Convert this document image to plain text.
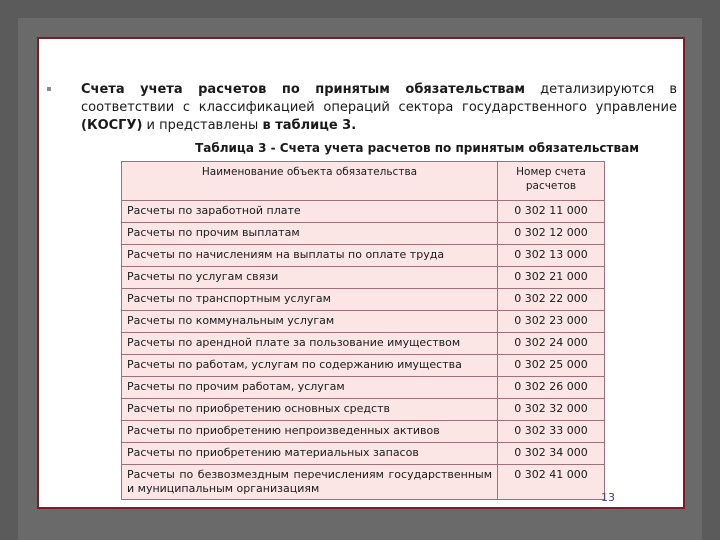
Счета учета расчетов по принятым обязательствам детализируются в соответствии с классификацией операций сектора государственного управление (КОСГУ) и представлены в таблице 3.
Таблица 3 - Счета учета расчетов по принятым обязательствам
Наименование объекта обязательства	Номер счета расчетов
Расчеты по заработной плате	0 302 11 000
Расчеты по прочим выплатам	0 302 12 000
Расчеты по начислениям на выплаты по оплате труда	0 302 13 000
Расчеты по услугам связи	0 302 21 000
Расчеты по транспортным услугам	0 302 22 000
Расчеты по коммунальным услугам	0 302 23 000
Расчеты по арендной плате за пользование имуществом	0 302 24 000
Расчеты по работам, услугам по содержанию имущества	0 302 25 000
Расчеты по прочим работам, услугам	0 302 26 000
Расчеты по приобретению основных средств	0 302 32 000
Расчеты по приобретению непроизведенных активов	0 302 33 000
Расчеты по приобретению материальных запасов	0 302 34 000
Расчеты по безвозмездным перечислениям государственным и муниципальным организациям	0 302 41 000
13
